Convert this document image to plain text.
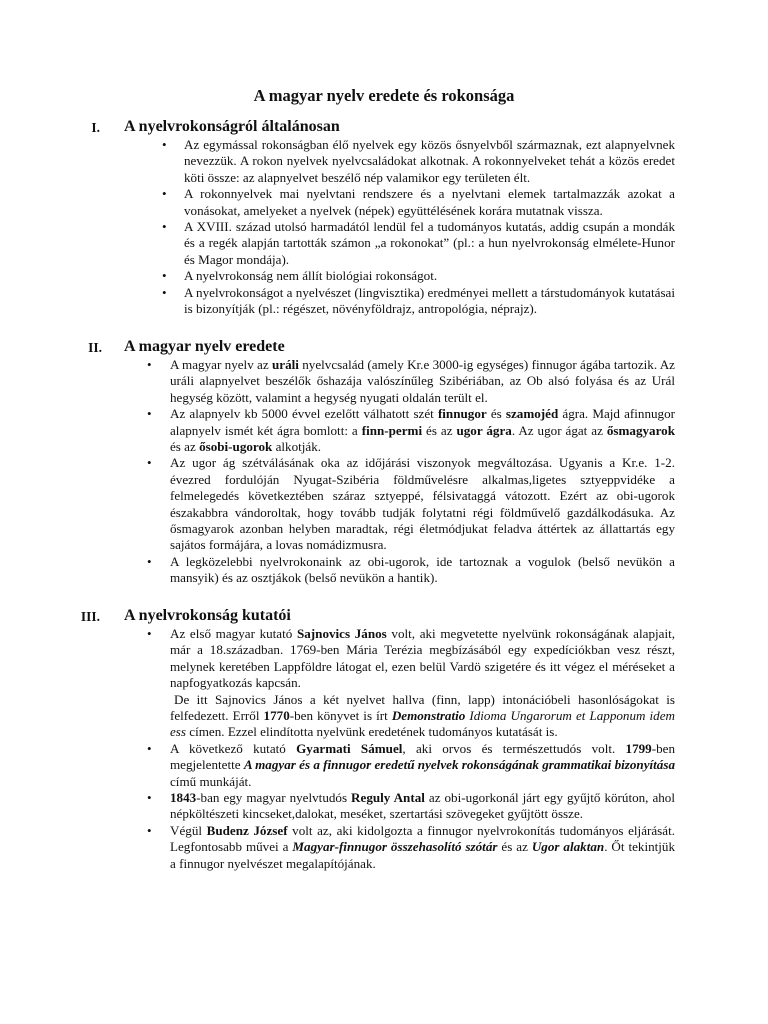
A magyar nyelv eredete és rokonsága
I. A nyelvrokonságról általánosan
• Az egymással rokonságban élő nyelvek egy közös ősnyelvből származnak, ezt alapnyelvnek nevezzük. A rokon nyelvek nyelvcsaládokat alkotnak. A rokonnyelveket tehát a közös eredet köti össze: az alapnyelvet beszélő nép valamikor egy területen élt.
• A rokonnyelvek mai nyelvtani rendszere és a nyelvtani elemek tartalmazzák azokat a vonásokat, amelyeket a nyelvek (népek) együttélésének korára mutatnak vissza.
• A XVIII. század utolsó harmadától lendül fel a tudományos kutatás, addig csupán a mondák és a regék alapján tartották számon „a rokonokat” (pl.: a hun nyelvrokonság elmélete-Hunor és Magor mondája).
• A nyelvrokonság nem állít biológiai rokonságot.
• A nyelvrokonságot a nyelvészet (lingvisztika) eredményei mellett a társtudományok kutatásai is bizonyítják (pl.: régészet, növényföldrajz, antropológia, néprajz).
II. A magyar nyelv eredete
• A magyar nyelv az uráli nyelvcsalád (amely Kr.e 3000-ig egységes) finnugor ágába tartozik. Az uráli alapnyelvet beszélők őshazája valószínűleg Szibériában, az Ob alsó folyása és az Urál hegység között, valamint a hegység nyugati oldalán terült el.
• Az alapnyelv kb 5000 évvel ezelőtt válhatott szét finnugor és szamojéd ágra. Majd afinnugor alapnyelv ismét két ágra bomlott: a finn-permi és az ugor ágra. Az ugor ágat az ősmagyarok és az ősobi-ugorok alkotják.
• Az ugor ág szétválásának oka az időjárási viszonyok megváltozása. Ugyanis a Kr.e. 1-2. évezred fordulóján Nyugat-Szibéria földművelésre alkalmas,ligetes sztyeppvidéke a felmelegedés következtében száraz sztyeppé, félsivataggá vátozott. Ezért az obi-ugorok északabbra vándoroltak, hogy tovább tudják folytatni régi földművelő gazdálkodásuka. Az ősmagyarok azonban helyben maradtak, régi életmódjukat feladva áttértek az állattartás egy sajátos formájára, a lovas nomádizmusra.
• A legközelebbi nyelvrokonaink az obi-ugorok, ide tartoznak a vogulok (belső nevükön a mansyik) és az osztjákok (belső nevükön a hantik).
III. A nyelvrokonság kutatói
• Az első magyar kutató Sajnovics János volt, aki megvetette nyelvünk rokonságának alapjait, már a 18.században. 1769-ben Mária Terézia megbízásából egy expedíciókban vesz részt, melynek keretében Lappföldre látogat el, ezen belül Vardö szigetére és itt végez el méréseket a napfogyatkozás kapcsán.
De itt Sajnovics János a két nyelvet hallva (finn, lapp) intonációbeli hasonlóságokat is felfedezett. Erről 1770-ben könyvet is írt Demonstratio Idioma Ungarorum et Lapponum idem ess címen. Ezzel elindította nyelvünk eredetének tudományos kutatását is.
• A következő kutató Gyarmati Sámuel, aki orvos és természettudós volt. 1799-ben megjelentette A magyar és a finnugor eredetű nyelvek rokonságának grammatikai bizonyítása című munkáját.
• 1843-ban egy magyar nyelvtudós Reguly Antal az obi-ugorkonál járt egy gyűjtő körúton, ahol népköltészeti kincseket,dalokat, meséket, szertartási szövegeket gyűjtött össze.
• Végül Budenz József volt az, aki kidolgozta a finnugor nyelvrokonítás tudományos eljárását. Legfontosabb művei a Magyar-finnugor összehasolító szótár és az Ugor alaktan. Őt tekintjük a finnugor nyelvészet megalapítójának.
